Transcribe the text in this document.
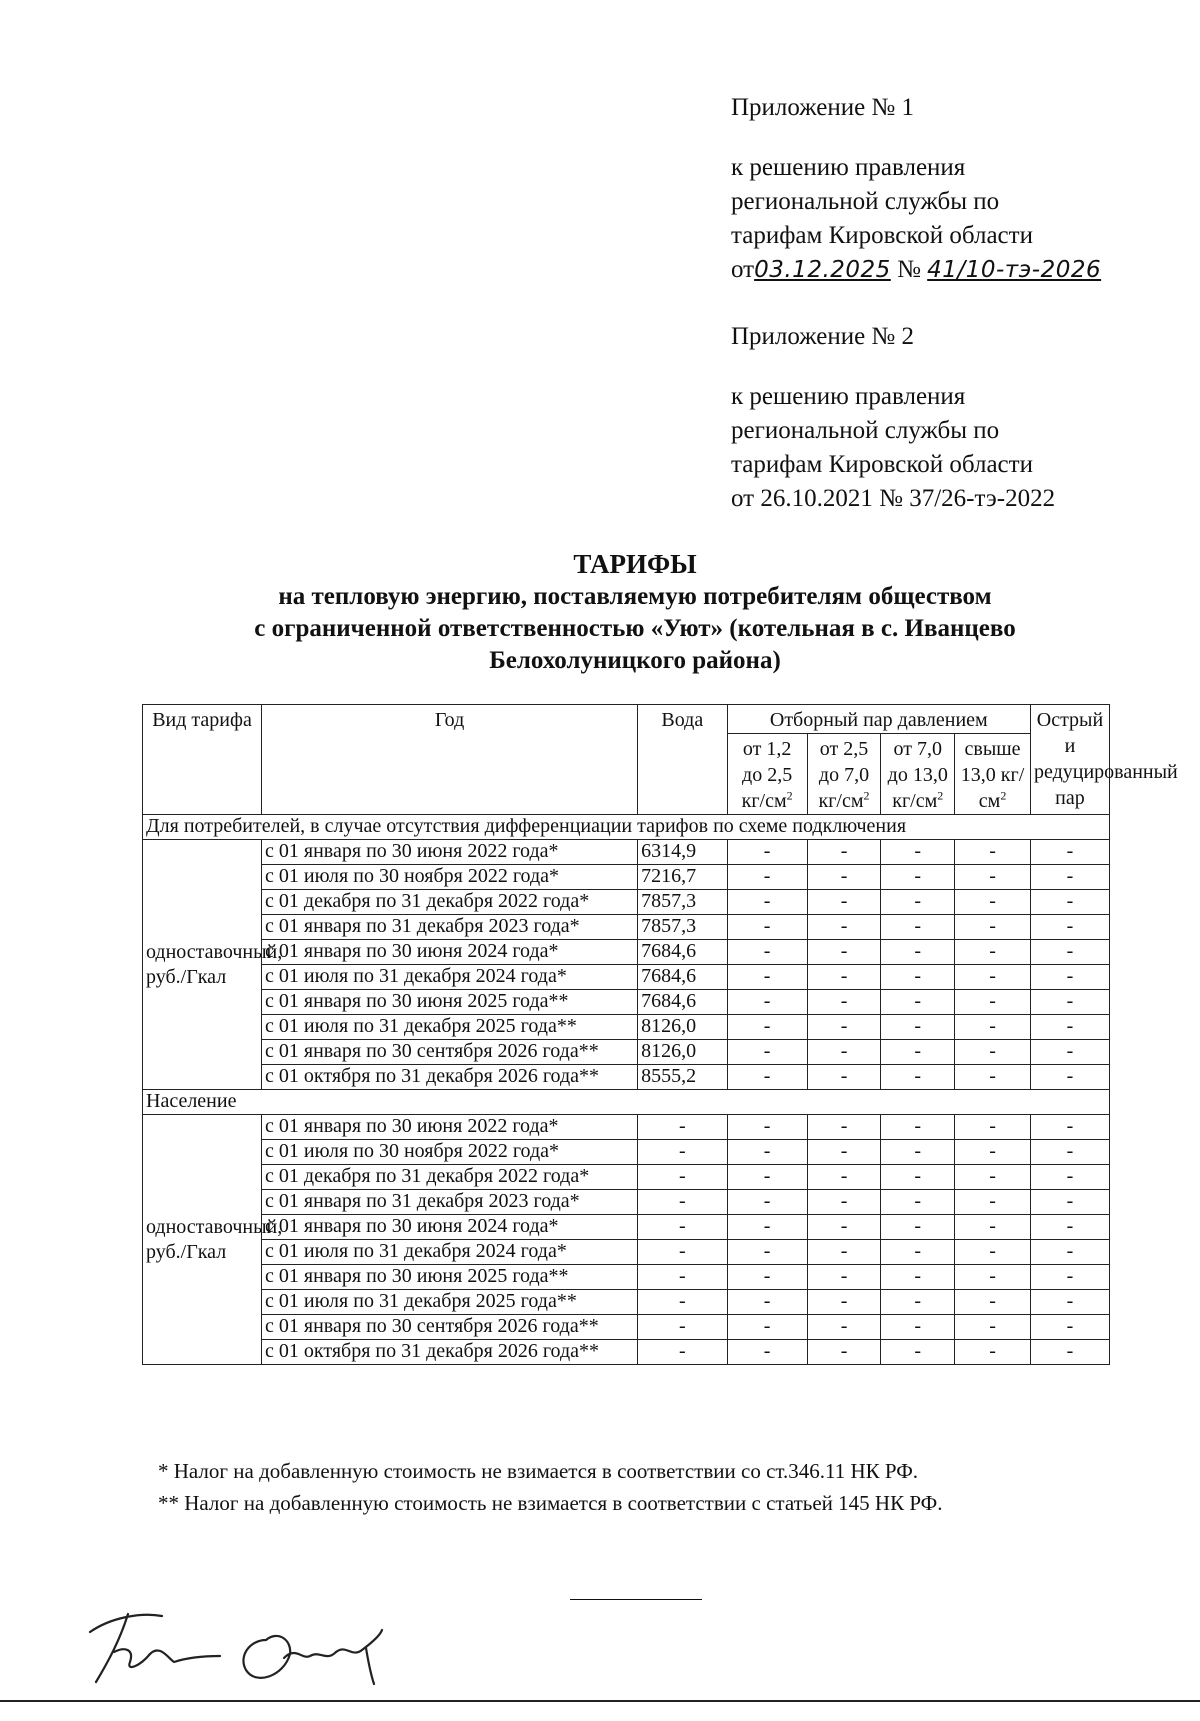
Приложение № 1

к решению правления

региональной службы по

тарифам Кировской области

от03.12.2025 № 41/10-тэ-2026

Приложение № 2

к решению правления

региональной службы по

тарифам Кировской области

от 26.10.2021 № 37/26-тэ-2022

ТАРИФЫ

на тепловую энергию, поставляемую потребителям обществом

с ограниченной ответственностью «Уют» (котельная в с. Иванцево

Белохолуницкого района)

Вид тарифа	Год	Вода	Отборный пар давлением				Острый и редуцированный пар
			от 1,2 до 2,5 $кг/см^2$	от 2,5 до 7,0 $кг/см^2$	от 7,0 до 13,0 $кг/см^2$	свыше 13,0 $кг/см^2$
Для потребителей, в случае отсутствия дифференциации тарифов по схеме подключения							
одноставочный, руб./Гкал	с 01 января по 30 июня 2022 года*	6314,9	-	-	-	-	-
	с 01 июля по 30 ноября 2022 года*	7216,7	-	-	-	-	-
	с 01 декабря по 31 декабря 2022 года*	7857,3	-	-	-	-	-
	с 01 января по 31 декабря 2023 года*	7857,3	-	-	-	-	-
	с 01 января по 30 июня 2024 года*	7684,6	-	-	-	-	-
	с 01 июля по 31 декабря 2024 года*	7684,6	-	-	-	-	-
	с 01 января по 30 июня 2025 года**	7684,6	-	-	-	-	-
	с 01 июля по 31 декабря 2025 года**	8126,0	-	-	-	-	-
	с 01 января по 30 сентября 2026 года**	8126,0	-	-	-	-	-
	с 01 октября по 31 декабря 2026 года**	8555,2	-	-	-	-	-
Население							
одноставочный, руб./Гкал	с 01 января по 30 июня 2022 года*	-	-	-	-	-	-
	с 01 июля по 30 ноября 2022 года*	-	-	-	-	-	-
	с 01 декабря по 31 декабря 2022 года*	-	-	-	-	-	-
	с 01 января по 31 декабря 2023 года*	-	-	-	-	-	-
	с 01 января по 30 июня 2024 года*	-	-	-	-	-	-
	с 01 июля по 31 декабря 2024 года*	-	-	-	-	-	-
	с 01 января по 30 июня 2025 года**	-	-	-	-	-	-
	с 01 июля по 31 декабря 2025 года**	-	-	-	-	-	-
	с 01 января по 30 сентября 2026 года**	-	-	-	-	-	-
	с 01 октября по 31 декабря 2026 года**	-	-	-	-	-	-

* Налог на добавленную стоимость не взимается в соответствии со ст.346.11 НК РФ.

** Налог на добавленную стоимость не взимается в соответствии с статьей 145 НК РФ.
